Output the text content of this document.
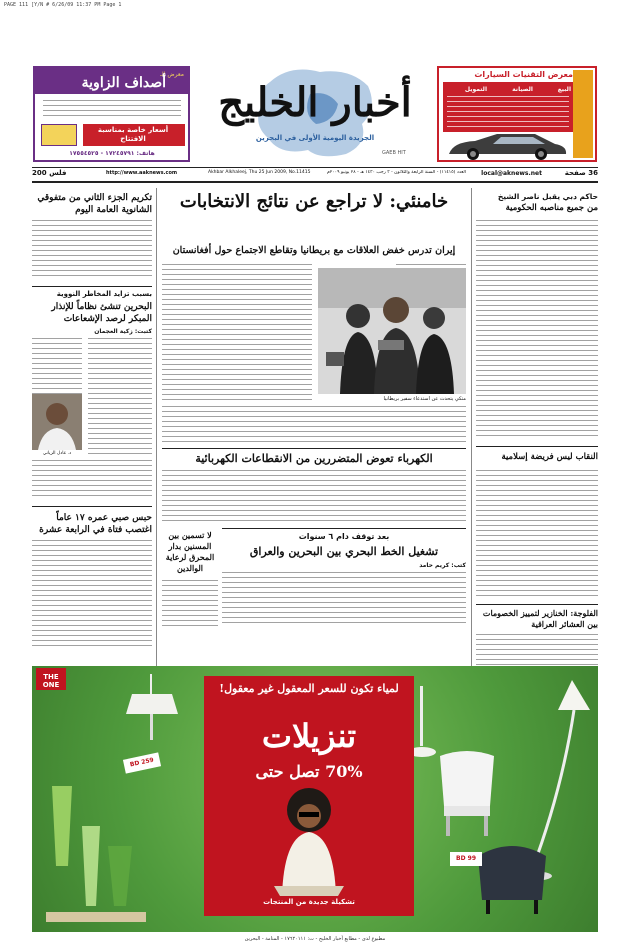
PAGE 111 [Y/N # 6/26/09 11:37 PM Page 1
معرض التقنيات السيارات
البيع
الصيانة
التمويل
أخبار الخليج
الجريدة اليومية الأولى في البحرين
GAEB HIT
معرض الـ
أصداف الزاوية
أسعار خاصة بمناسبة الافتتاح
هاتف: ١٧٢٤٥٧٩١ - ١٧٥٥٤٥٢٥
36 صفحة
local@aknews.net
العدد (١١٤١٥) - السنة الرابعة والثلاثون - ٣ رجب ١٤٣٠ هـ - ٢٨ يونيو ٢٠٠٩م
Akhbar Alkhaleej, Thu 25 Jun 2009, No.11415
http://www.aaknews.com
200 فلس
حاكم دبي يقبل ناصر الشيخ
من جميع مناصبه الحكومية
النقاب ليس فريضة إسلامية
الفلوجة: الخنازير لتمييز الخصومات بين العشائر العراقية
تكريم الجزء الثاني من متفوقي الشانوية العامة اليوم
بسبب تزايد المخاطر النووية
البحرين تنشئ نظاماً للإنذار المبكر لرصد الإشعاعات
كتبت: زكية العجمان
د. عادل الزياني
حبس صبي عمره ١٧ عاماً اغتصب فتاة في الرابعة عشرة
خامنئي: لا تراجع عن نتائج الانتخابات
إيران تدرس خفض العلاقات مع بريطانيا وتقاطع الاجتماع حول أفغانستان
متكي يتحدث عن استدعاء سفير بريطانيا
الكهرباء تعوض المتضررين من الانقطاعات الكهربائية
بعد توقف دام ٦ سنوات
تشغيل الخط البحري بين البحرين والعراق
كتب: كريم حامد
لا تسمين بين المسنين بدار المحرق لرعاية الوالدين
THE ONE
BD 259
BD 99
لمياء تكون للسعر المعقول غير معقول!
تنزيلات
70% تصل حتى
تشكيلة جديدة من المنتجات
مطبوع لدى - مطابع أخبار الخليج - ت: ١٧٦٢٠١١١ - المنامة - البحرين
